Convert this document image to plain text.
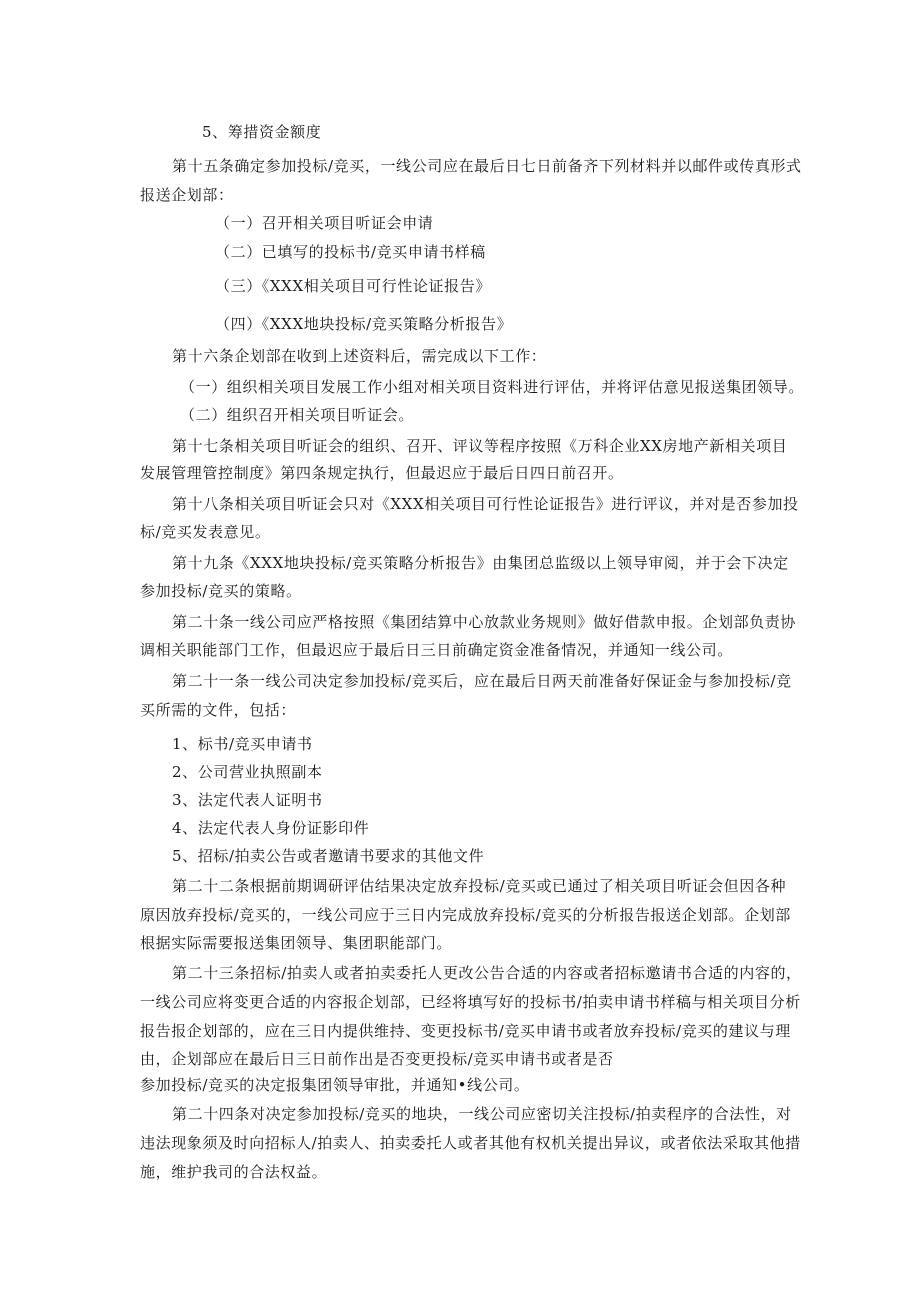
5、筹措资金额度
第十五条确定参加投标/竞买，一线公司应在最后日七日前备齐下列材料并以邮件或传真形式
报送企划部：
（一）召开相关项目听证会申请
（二）已填写的投标书/竞买申请书样稿
（三）《XXX相关项目可行性论证报告》
（四）《XXX地块投标/竞买策略分析报告》
第十六条企划部在收到上述资料后，需完成以下工作：
（一）组织相关项目发展工作小组对相关项目资料进行评估，并将评估意见报送集团领导。
（二）组织召开相关项目听证会。
第十七条相关项目听证会的组织、召开、评议等程序按照《万科企业XX房地产新相关项目
发展管理管控制度》第四条规定执行，但最迟应于最后日四日前召开。
第十八条相关项目听证会只对《XXX相关项目可行性论证报告》进行评议，并对是否参加投
标/竞买发表意见。
第十九条《XXX地块投标/竞买策略分析报告》由集团总监级以上领导审阅，并于会下决定
参加投标/竞买的策略。
第二十条一线公司应严格按照《集团结算中心放款业务规则》做好借款申报。企划部负责协
调相关职能部门工作，但最迟应于最后日三日前确定资金准备情况，并通知一线公司。
第二十一条一线公司决定参加投标/竞买后，应在最后日两天前准备好保证金与参加投标/竞
买所需的文件，包括：
1、标书/竞买申请书
2、公司营业执照副本
3、法定代表人证明书
4、法定代表人身份证影印件
5、招标/拍卖公告或者邀请书要求的其他文件
第二十二条根据前期调研评估结果决定放弃投标/竞买或已通过了相关项目听证会但因各种
原因放弃投标/竞买的，一线公司应于三日内完成放弃投标/竞买的分析报告报送企划部。企划部
根据实际需要报送集团领导、集团职能部门。
第二十三条招标/拍卖人或者拍卖委托人更改公告合适的内容或者招标邀请书合适的内容的，
一线公司应将变更合适的内容报企划部，已经将填写好的投标书/拍卖申请书样稿与相关项目分析
报告报企划部的，应在三日内提供维持、变更投标书/竞买申请书或者放弃投标/竞买的建议与理
由，企划部应在最后日三日前作出是否变更投标/竞买申请书或者是否
参加投标/竞买的决定报集团领导审批，并通知•线公司。
第二十四条对决定参加投标/竞买的地块，一线公司应密切关注投标/拍卖程序的合法性，对
违法现象须及时向招标人/拍卖人、拍卖委托人或者其他有权机关提出异议，或者依法采取其他措
施，维护我司的合法权益。
